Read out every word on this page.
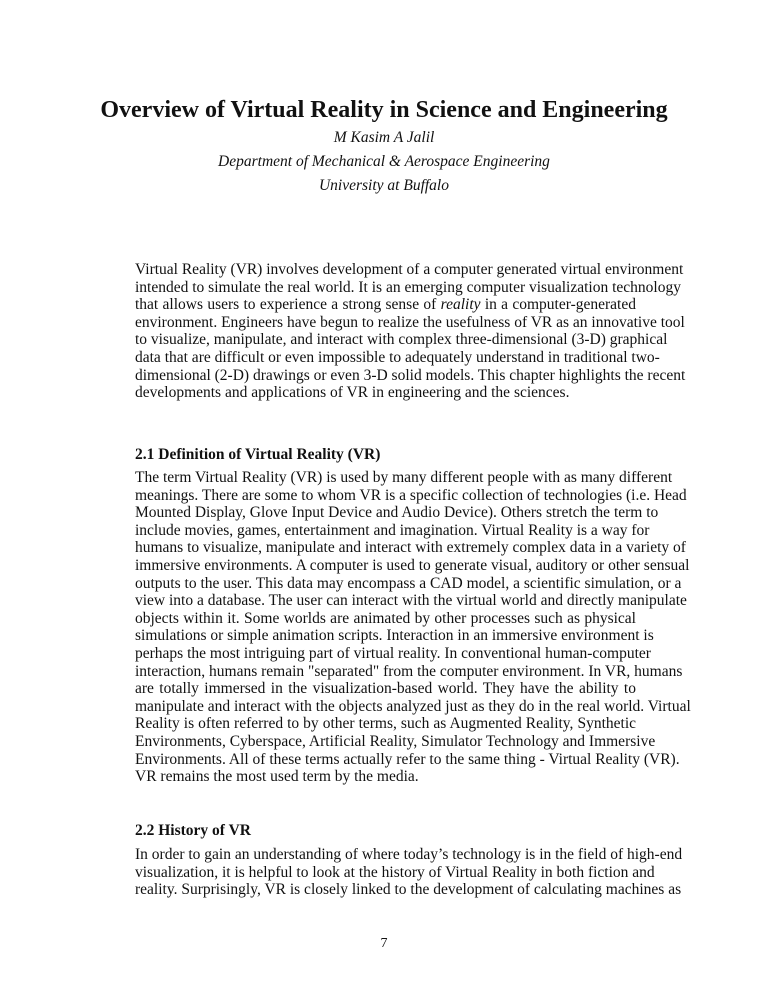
Overview of Virtual Reality in Science and Engineering
M Kasim A Jalil
Department of Mechanical & Aerospace Engineering
University at Buffalo
Virtual Reality (VR) involves development of a computer generated virtual environment
intended to simulate the real world. It is an emerging computer visualization technology
that allows users to experience a strong sense of reality in a computer-generated
environment. Engineers have begun to realize the usefulness of VR as an innovative tool
to visualize, manipulate, and interact with complex three-dimensional (3-D) graphical
data that are difficult or even impossible to adequately understand in traditional two-
dimensional (2-D) drawings or even 3-D solid models. This chapter highlights the recent
developments and applications of VR in engineering and the sciences.
2.1 Definition of Virtual Reality (VR)
The term Virtual Reality (VR) is used by many different people with as many different
meanings. There are some to whom VR is a specific collection of technologies (i.e. Head
Mounted Display, Glove Input Device and Audio Device). Others stretch the term to
include movies, games, entertainment and imagination. Virtual Reality is a way for
humans to visualize, manipulate and interact with extremely complex data in a variety of
immersive environments. A computer is used to generate visual, auditory or other sensual
outputs to the user. This data may encompass a CAD model, a scientific simulation, or a
view into a database. The user can interact with the virtual world and directly manipulate
objects within it. Some worlds are animated by other processes such as physical
simulations or simple animation scripts. Interaction in an immersive environment is
perhaps the most intriguing part of virtual reality. In conventional human-computer
interaction, humans remain "separated" from the computer environment. In VR, humans
are totally immersed in the visualization-based world. They have the ability to
manipulate and interact with the objects analyzed just as they do in the real world. Virtual
Reality is often referred to by other terms, such as Augmented Reality, Synthetic
Environments, Cyberspace, Artificial Reality, Simulator Technology and Immersive
Environments. All of these terms actually refer to the same thing - Virtual Reality (VR).
VR remains the most used term by the media.
2.2 History of VR
In order to gain an understanding of where today’s technology is in the field of high-end
visualization, it is helpful to look at the history of Virtual Reality in both fiction and
reality. Surprisingly, VR is closely linked to the development of calculating machines as
7
